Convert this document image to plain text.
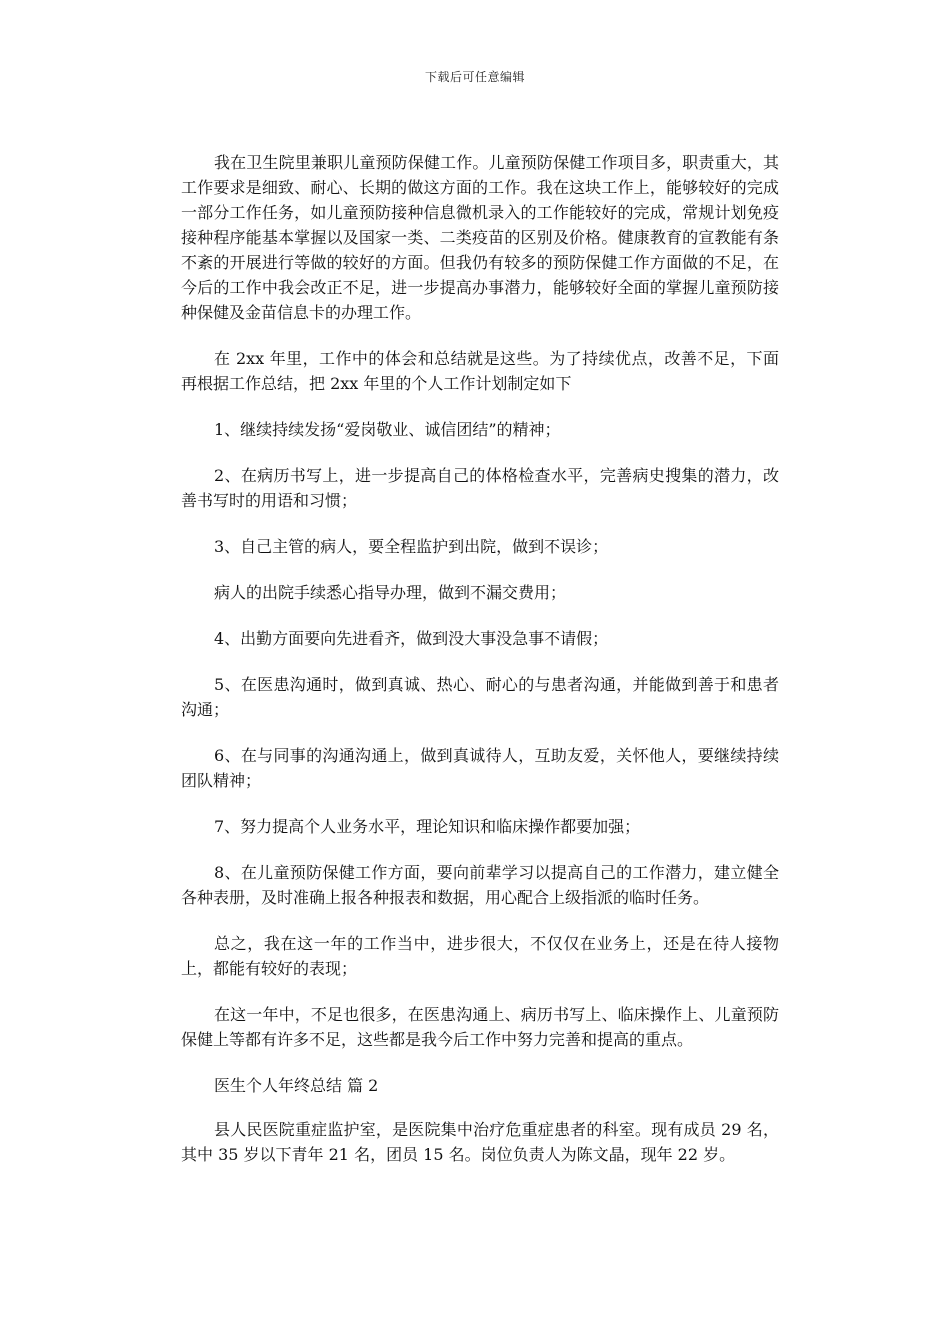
下载后可任意编辑

我在卫生院里兼职儿童预防保健工作。儿童预防保健工作项目多，职责重大，其工作要求是细致、耐心、长期的做这方面的工作。我在这块工作上，能够较好的完成一部分工作任务，如儿童预防接种信息微机录入的工作能较好的完成，常规计划免疫接种程序能基本掌握以及国家一类、二类疫苗的区别及价格。健康教育的宣教能有条不紊的开展进行等做的较好的方面。但我仍有较多的预防保健工作方面做的不足，在今后的工作中我会改正不足，进一步提高办事潜力，能够较好全面的掌握儿童预防接种保健及金苗信息卡的办理工作。

在 2xx 年里，工作中的体会和总结就是这些。为了持续优点，改善不足，下面再根据工作总结，把 2xx 年里的个人工作计划制定如下

1、继续持续发扬“爱岗敬业、诚信团结”的精神；

2、在病历书写上，进一步提高自己的体格检查水平，完善病史搜集的潜力，改善书写时的用语和习惯；

3、自己主管的病人，要全程监护到出院，做到不误诊；

病人的出院手续悉心指导办理，做到不漏交费用；

4、出勤方面要向先进看齐，做到没大事没急事不请假；

5、在医患沟通时，做到真诚、热心、耐心的与患者沟通，并能做到善于和患者沟通；

6、在与同事的沟通沟通上，做到真诚待人，互助友爱，关怀他人，要继续持续团队精神；

7、努力提高个人业务水平，理论知识和临床操作都要加强；

8、在儿童预防保健工作方面，要向前辈学习以提高自己的工作潜力，建立健全各种表册，及时准确上报各种报表和数据，用心配合上级指派的临时任务。

总之，我在这一年的工作当中，进步很大，不仅仅在业务上，还是在待人接物上，都能有较好的表现；

在这一年中，不足也很多，在医患沟通上、病历书写上、临床操作上、儿童预防保健上等都有许多不足，这些都是我今后工作中努力完善和提高的重点。

医生个人年终总结 篇 2

县人民医院重症监护室，是医院集中治疗危重症患者的科室。现有成员 29 名，其中 35 岁以下青年 21 名，团员 15 名。岗位负责人为陈文晶，现年 22 岁。
